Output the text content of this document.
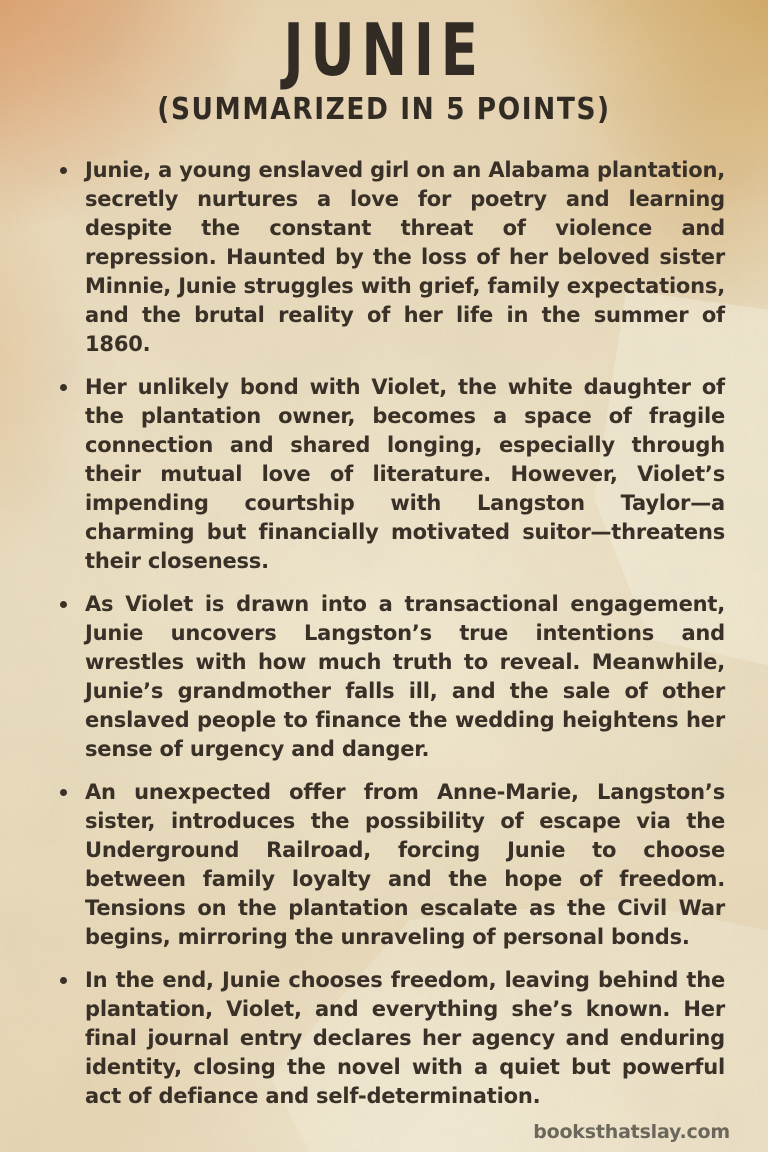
JUNIE
(SUMMARIZED IN 5 POINTS)
Junie, a young enslaved girl on an Alabama plantation, secretly nurtures a love for poetry and learning despite the constant threat of violence and repression. Haunted by the loss of her beloved sister Minnie, Junie struggles with grief, family expectations, and the brutal reality of her life in the summer of 1860.
Her unlikely bond with Violet, the white daughter of the plantation owner, becomes a space of fragile connection and shared longing, especially through their mutual love of literature. However, Violet’s impending courtship with Langston Taylor—a charming but financially motivated suitor—threatens their closeness.
As Violet is drawn into a transactional engagement, Junie uncovers Langston’s true intentions and wrestles with how much truth to reveal. Meanwhile, Junie’s grandmother falls ill, and the sale of other enslaved people to finance the wedding heightens her sense of urgency and danger.
An unexpected offer from Anne-Marie, Langston’s sister, introduces the possibility of escape via the Underground Railroad, forcing Junie to choose between family loyalty and the hope of freedom. Tensions on the plantation escalate as the Civil War begins, mirroring the unraveling of personal bonds.
In the end, Junie chooses freedom, leaving behind the plantation, Violet, and everything she’s known. Her final journal entry declares her agency and enduring identity, closing the novel with a quiet but powerful act of defiance and self-determination.
booksthatslay.com
